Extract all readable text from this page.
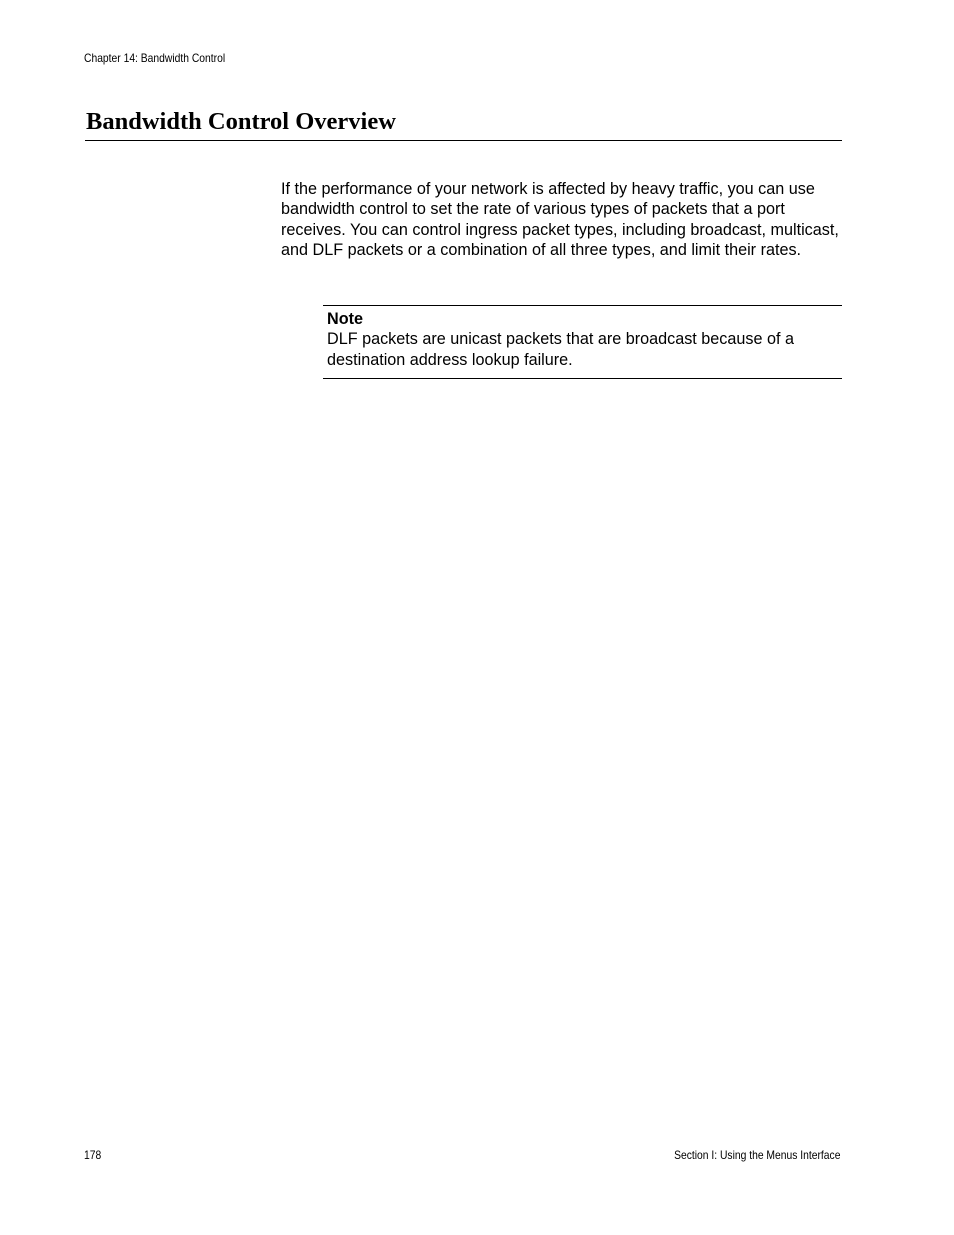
Chapter 14: Bandwidth Control
Bandwidth Control Overview

If the performance of your network is affected by heavy traffic, you can use bandwidth control to set the rate of various types of packets that a port receives. You can control ingress packet types, including broadcast, multicast, and DLF packets or a combination of all three types, and limit their rates.

Note

DLF packets are unicast packets that are broadcast because of a destination address lookup failure.

178	Section I: Using the Menus Interface
